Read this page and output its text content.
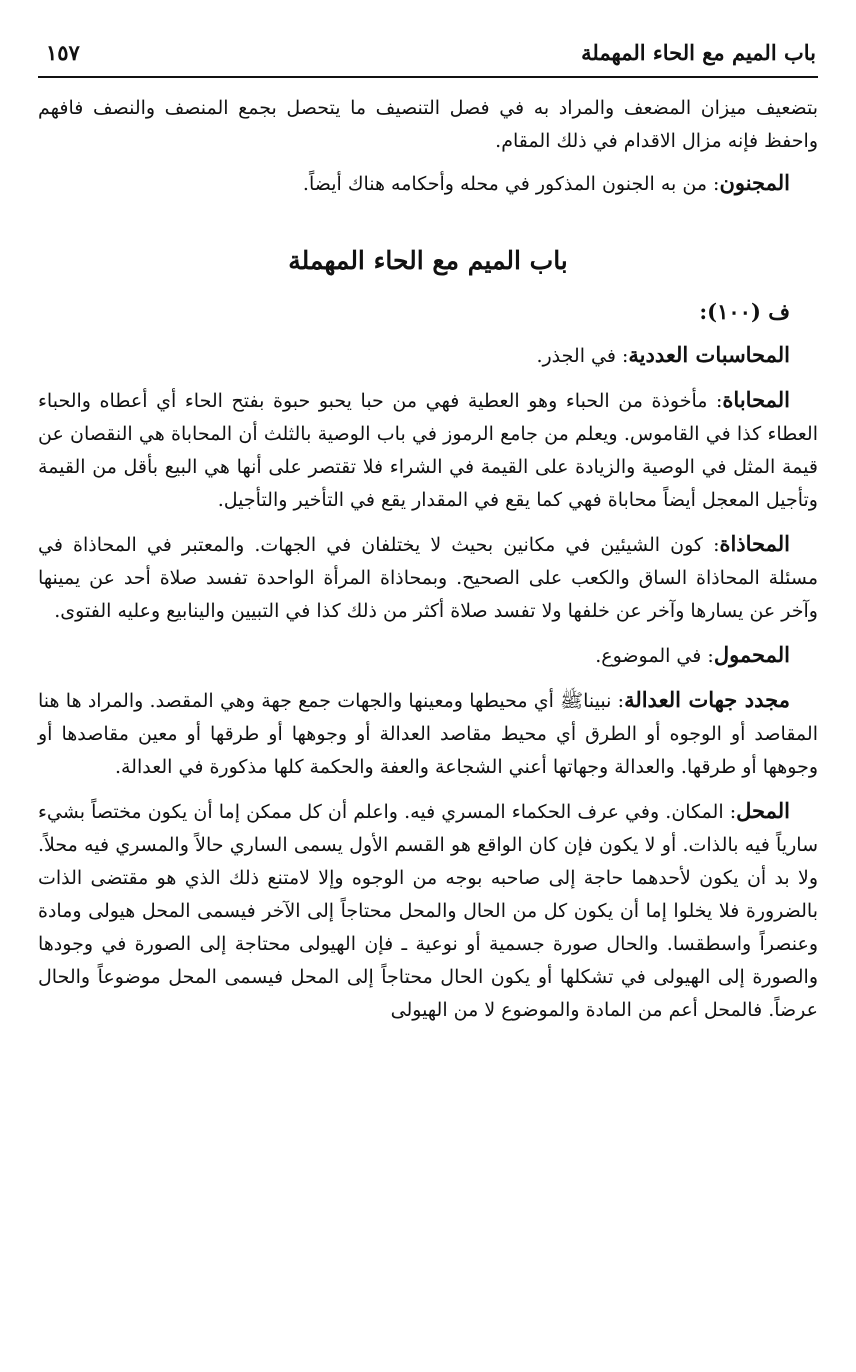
باب الميم مع الحاء المهملة
١٥٧

بتضعيف ميزان المضعف والمراد به في فصل التنصيف ما يتحصل بجمع المنصف والنصف فافهم واحفظ فإنه مزال الاقدام في ذلك المقام.

المجنون: من به الجنون المذكور في محله وأحكامه هناك أيضاً.

باب الميم مع الحاء المهملة

ف (١٠٠):

المحاسبات العددية: في الجذر.

المحاباة: مأخوذة من الحباء وهو العطية فهي من حبا يحبو حبوة بفتح الحاء أي أعطاه والحباء العطاء كذا في القاموس. ويعلم من جامع الرموز في باب الوصية بالثلث أن المحاباة هي النقصان عن قيمة المثل في الوصية والزيادة على القيمة في الشراء فلا تقتصر على أنها هي البيع بأقل من القيمة وتأجيل المعجل أيضاً محاباة فهي كما يقع في المقدار يقع في التأخير والتأجيل.

المحاذاة: كون الشيئين في مكانين بحيث لا يختلفان في الجهات. والمعتبر في المحاذاة في مسئلة المحاذاة الساق والكعب على الصحيح. وبمحاذاة المرأة الواحدة تفسد صلاة أحد عن يمينها وآخر عن يسارها وآخر عن خلفها ولا تفسد صلاة أكثر من ذلك كذا في التبيين والينابيع وعليه الفتوى.

المحمول: في الموضوع.

مجدد جهات العدالة: نبيناﷺ أي محيطها ومعينها والجهات جمع جهة وهي المقصد. والمراد ها هنا المقاصد أو الوجوه أو الطرق أي محيط مقاصد العدالة أو وجوهها أو طرقها أو معين مقاصدها أو وجوهها أو طرقها. والعدالة وجهاتها أعني الشجاعة والعفة والحكمة كلها مذكورة في العدالة.

المحل: المكان. وفي عرف الحكماء المسري فيه. واعلم أن كل ممكن إما أن يكون مختصاً بشيء سارياً فيه بالذات. أو لا يكون فإن كان الواقع هو القسم الأول يسمى الساري حالاً والمسري فيه محلاً. ولا بد أن يكون لأحدهما حاجة إلى صاحبه بوجه من الوجوه وإلا لامتنع ذلك الذي هو مقتضى الذات بالضرورة فلا يخلوا إما أن يكون كل من الحال والمحل محتاجاً إلى الآخر فيسمى المحل هيولى ومادة وعنصراً واسطقسا. والحال صورة جسمية أو نوعية ـ فإن الهيولى محتاجة إلى الصورة في وجودها والصورة إلى الهيولى في تشكلها أو يكون الحال محتاجاً إلى المحل فيسمى المحل موضوعاً والحال عرضاً. فالمحل أعم من المادة والموضوع لا من الهيولى
